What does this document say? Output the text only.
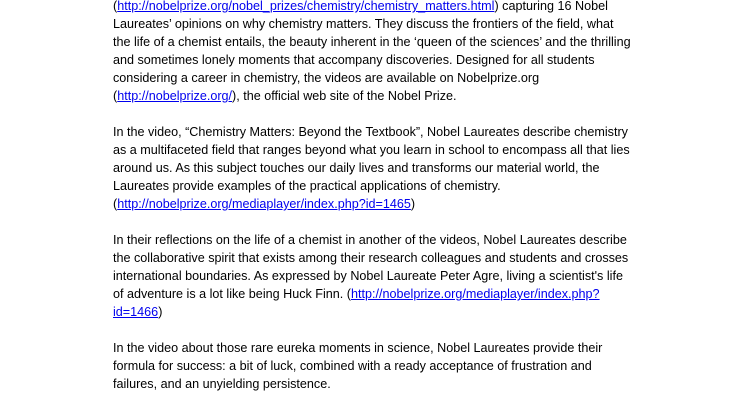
(http://nobelprize.org/nobel_prizes/chemistry/chemistry_matters.html) capturing 16 Nobel Laureates’ opinions on why chemistry matters. They discuss the frontiers of the field, what the life of a chemist entails, the beauty inherent in the ‘queen of the sciences’ and the thrilling and sometimes lonely moments that accompany discoveries. Designed for all students considering a career in chemistry, the videos are available on Nobelprize.org (http://nobelprize.org/), the official web site of the Nobel Prize.

In the video, “Chemistry Matters: Beyond the Textbook”, Nobel Laureates describe chemistry as a multifaceted field that ranges beyond what you learn in school to encompass all that lies around us. As this subject touches our daily lives and transforms our material world, the Laureates provide examples of the practical applications of chemistry. (http://nobelprize.org/mediaplayer/index.php?id=1465)

In their reflections on the life of a chemist in another of the videos, Nobel Laureates describe the collaborative spirit that exists among their research colleagues and students and crosses international boundaries. As expressed by Nobel Laureate Peter Agre, living a scientist's life of adventure is a lot like being Huck Finn. (http://nobelprize.org/mediaplayer/index.php?id=1466)

In the video about those rare eureka moments in science, Nobel Laureates provide their formula for success: a bit of luck, combined with a ready acceptance of frustration and failures, and an unyielding persistence.
